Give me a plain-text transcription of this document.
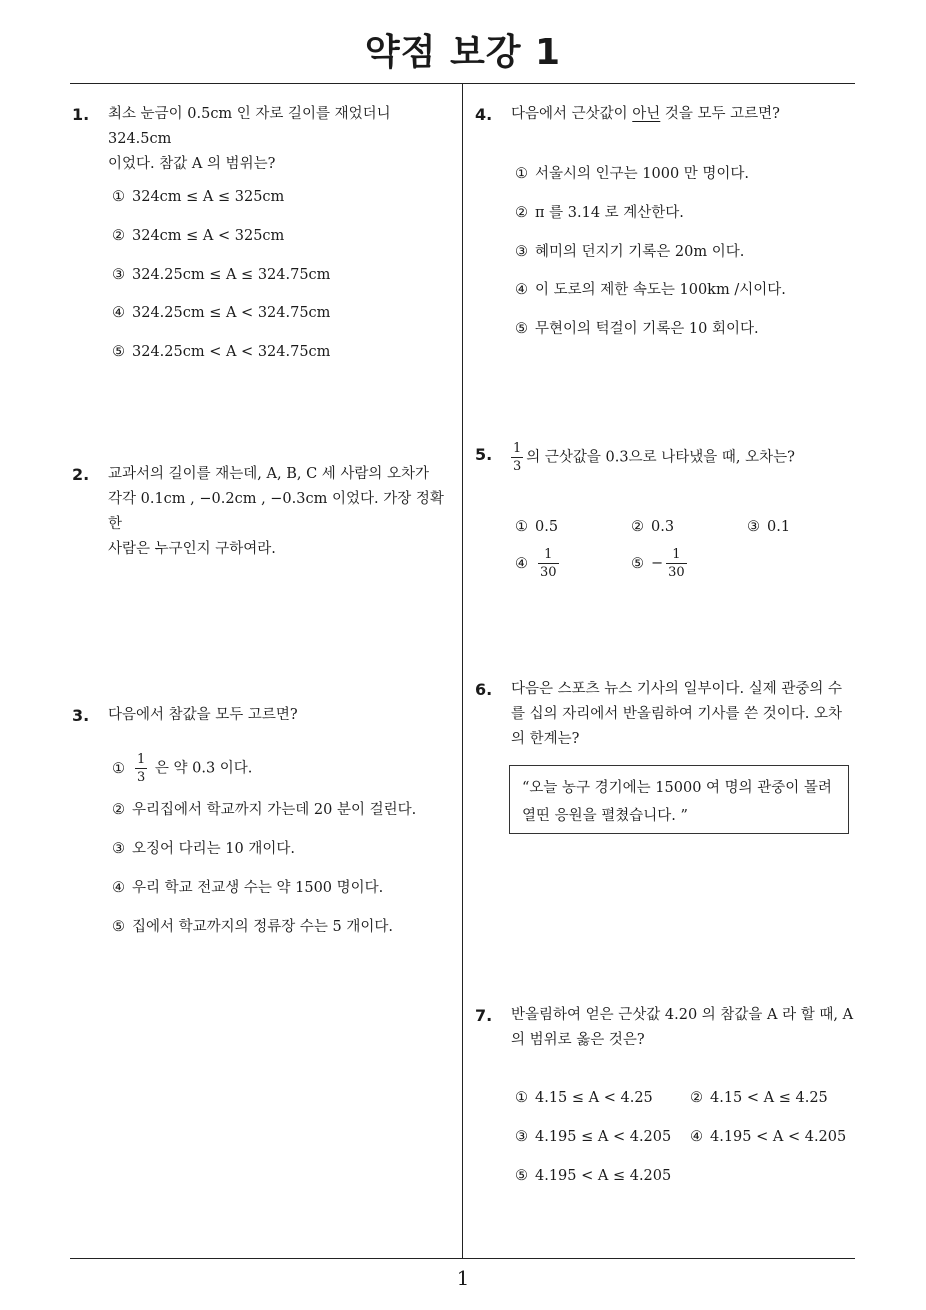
약점 보강 1
1
1. 최소 눈금이 0.5cm 인 자로 길이를 재었더니 324.5cm
이었다. 참값 A 의 범위는?
① 324cm ≤ A ≤ 325cm
② 324cm ≤ A < 325cm
③ 324.25cm ≤ A ≤ 324.75cm
④ 324.25cm ≤ A < 324.75cm
⑤ 324.25cm < A < 324.75cm
2. 교과서의 길이를 재는데, A, B, C 세 사람의 오차가
각각 0.1cm , −0.2cm , −0.3cm 이었다. 가장 정확한
사람은 누구인지 구하여라.
3. 다음에서 참값을 모두 고르면?
① $\frac{1}{3}$ 은 약 0.3 이다.
② 우리집에서 학교까지 가는데 20 분이 걸린다.
③ 오징어 다리는 10 개이다.
④ 우리 학교 전교생 수는 약 1500 명이다.
⑤ 집에서 학교까지의 정류장 수는 5 개이다.
4. 다음에서 근삿값이 아닌 것을 모두 고르면?
① 서울시의 인구는 1000 만 명이다.
② π 를 3.14 로 계산한다.
③ 혜미의 던지기 기록은 20m 이다.
④ 이 도로의 제한 속도는 100km /시이다.
⑤ 무현이의 턱걸이 기록은 10 회이다.
5. $\frac{1}{3}$ 의 근삿값을 0.3으로 나타냈을 때, 오차는?
① 0.5	② 0.3	③ 0.1
④ $\frac{1}{30}$	⑤ − $\frac{1}{30}$
6. 다음은 스포츠 뉴스 기사의 일부이다. 실제 관중의 수
를 십의 자리에서 반올림하여 기사를 쓴 것이다. 오차
의 한계는?
“오늘 농구 경기에는 15000 여 명의 관중이 몰려
열띤 응원을 펼쳤습니다. ”
7. 반올림하여 얻은 근삿값 4.20 의 참값을 A 라 할 때, A
의 범위로 옳은 것은?
① 4.15 ≤ A < 4.25	② 4.15 < A ≤ 4.25
③ 4.195 ≤ A < 4.205 ④ 4.195 < A < 4.205
⑤ 4.195 < A ≤ 4.205
